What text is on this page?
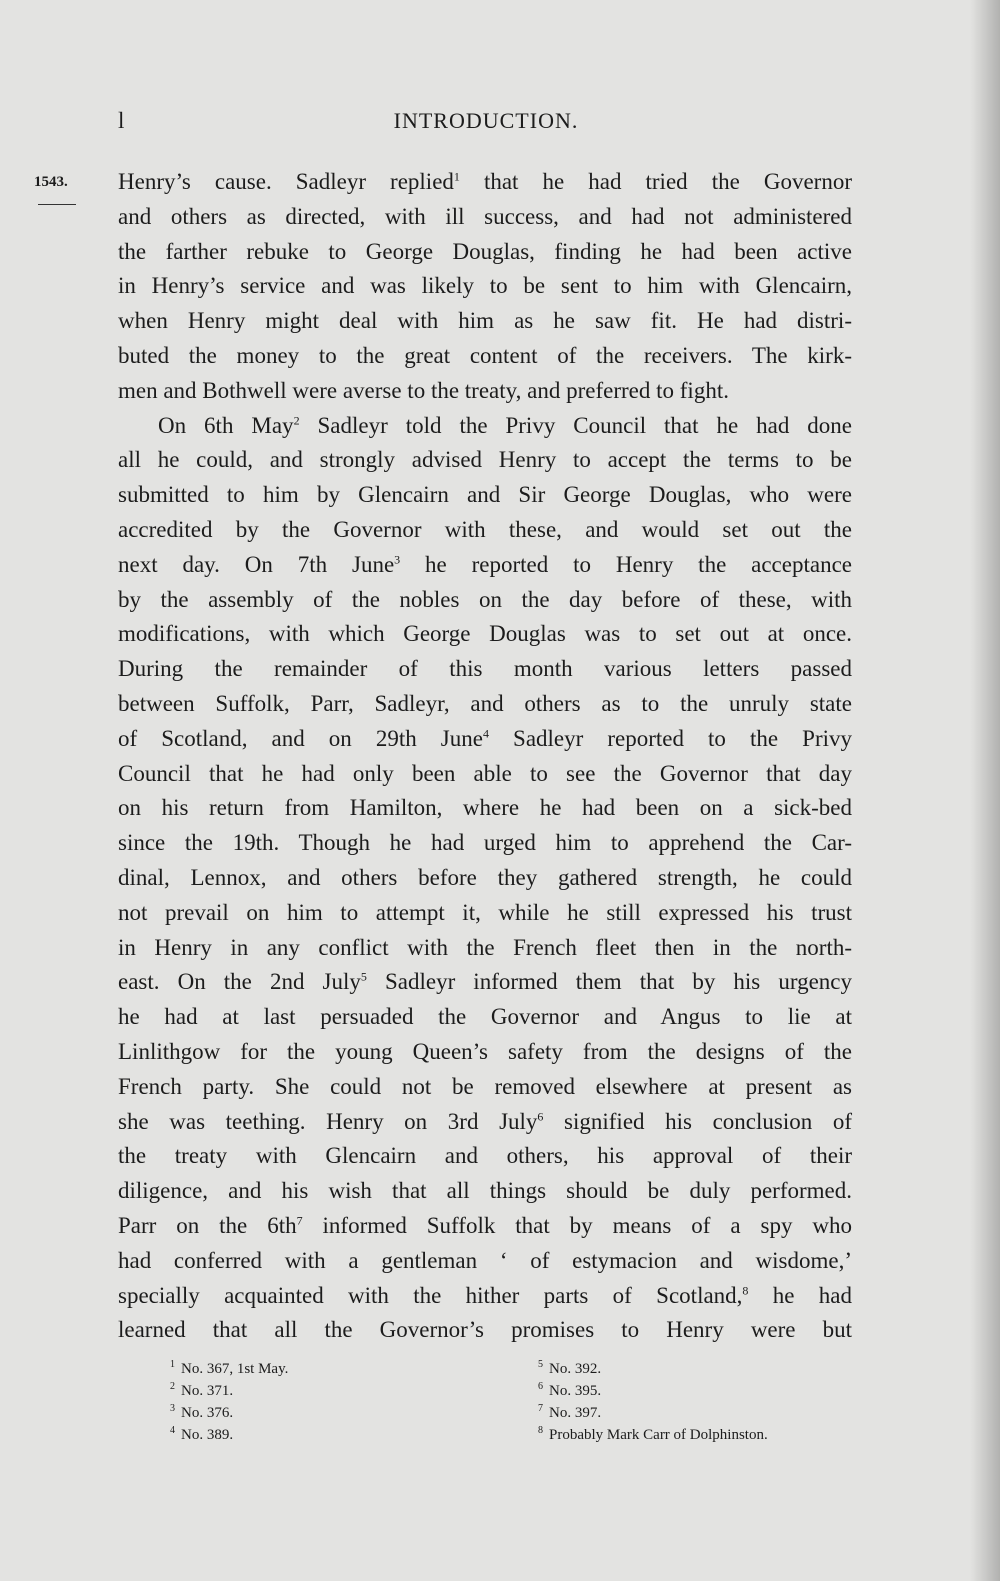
l	INTRODUCTION.
1543. Henry’s cause. Sadleyr replied$^1$ that he had tried the Governor
and others as directed, with ill success, and had not administered
the farther rebuke to George Douglas, finding he had been active
in Henry’s service and was likely to be sent to him with Glencairn,
when Henry might deal with him as he saw fit. He had distri-
buted the money to the great content of the receivers. The kirk-
men and Bothwell were averse to the treaty, and preferred to fight.
On 6th May$^2$ Sadleyr told the Privy Council that he had done
all he could, and strongly advised Henry to accept the terms to be
submitted to him by Glencairn and Sir George Douglas, who were
accredited by the Governor with these, and would set out the
next day. On 7th June$^3$ he reported to Henry the acceptance
by the assembly of the nobles on the day before of these, with
modifications, with which George Douglas was to set out at once.
During the remainder of this month various letters passed
between Suffolk, Parr, Sadleyr, and others as to the unruly state
of Scotland, and on 29th June$^4$ Sadleyr reported to the Privy
Council that he had only been able to see the Governor that day
on his return from Hamilton, where he had been on a sick-bed
since the 19th. Though he had urged him to apprehend the Car-
dinal, Lennox, and others before they gathered strength, he could
not prevail on him to attempt it, while he still expressed his trust
in Henry in any conflict with the French fleet then in the north-
east. On the 2nd July$^5$ Sadleyr informed them that by his urgency
he had at last persuaded the Governor and Angus to lie at
Linlithgow for the young Queen’s safety from the designs of the
French party. She could not be removed elsewhere at present as
she was teething. Henry on 3rd July$^6$ signified his conclusion of
the treaty with Glencairn and others, his approval of their
diligence, and his wish that all things should be duly performed.
Parr on the $6th^7$ informed Suffolk that by means of a spy who
had conferred with a gentleman ‘ of estymacion and wisdome,’
specially acquainted with the hither parts of Scotland,$^8$ he had
learned that all the Governor’s promises to Henry were but
$^1$ No. 367, 1st May.
$^2$ No. 371.
$^3$ No. 376.
$^4$ No. 389.
$^5$ No. 392.
$^6$ No. 395.
$^7$ No. 397.
$^8$ Probably Mark Carr of Dolphinston.
